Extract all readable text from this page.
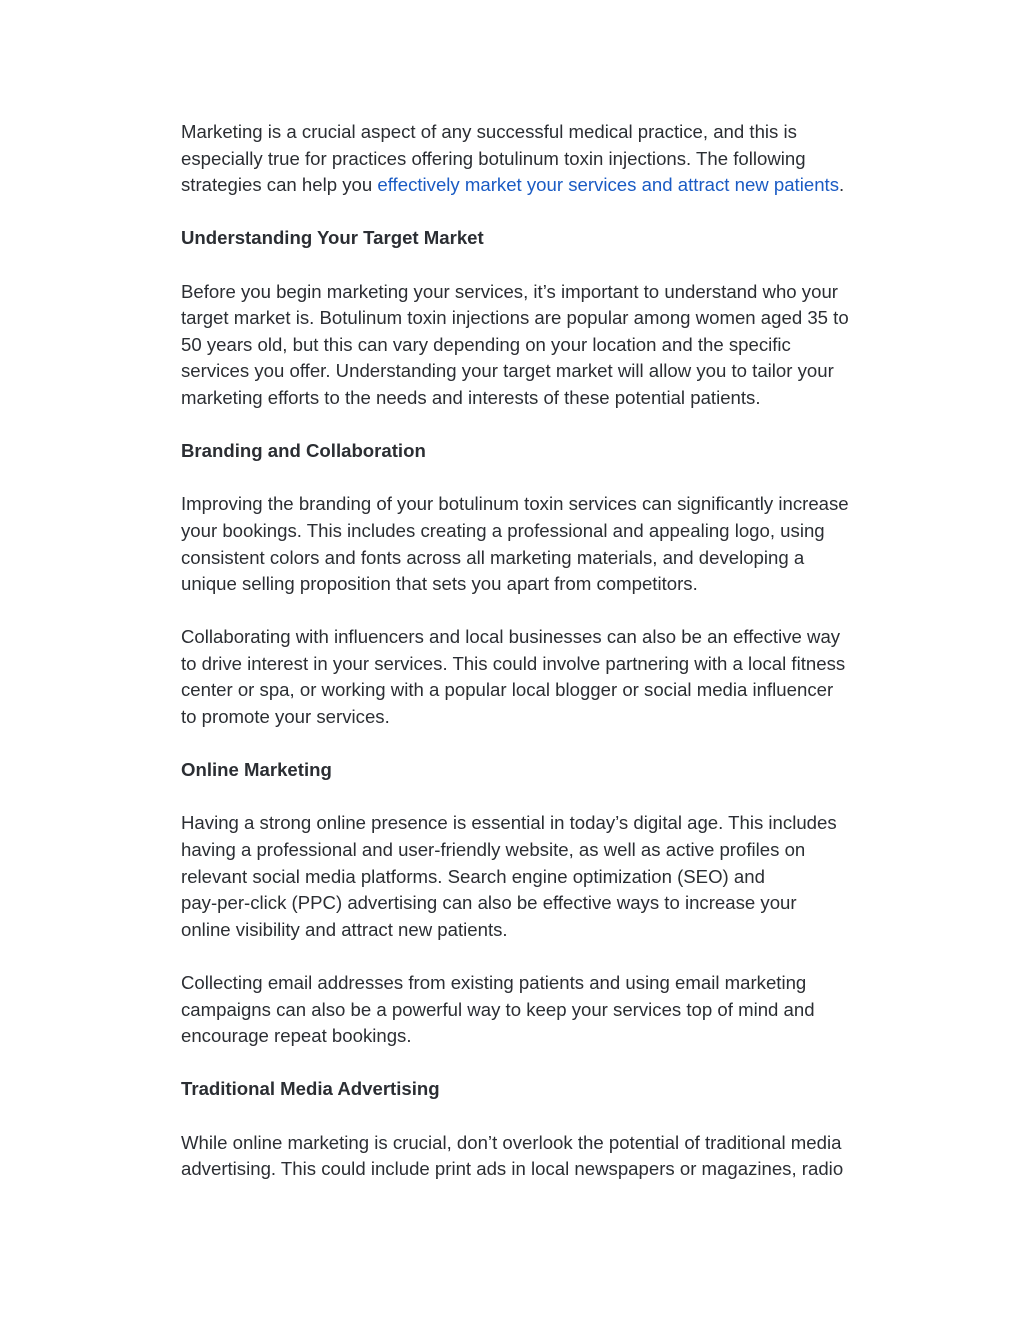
Marketing is a crucial aspect of any successful medical practice, and this is
especially true for practices offering botulinum toxin injections. The following
strategies can help you effectively market your services and attract new patients.

Understanding Your Target Market

Before you begin marketing your services, it’s important to understand who your
target market is. Botulinum toxin injections are popular among women aged 35 to
50 years old, but this can vary depending on your location and the specific
services you offer. Understanding your target market will allow you to tailor your
marketing efforts to the needs and interests of these potential patients.

Branding and Collaboration

Improving the branding of your botulinum toxin services can significantly increase
your bookings. This includes creating a professional and appealing logo, using
consistent colors and fonts across all marketing materials, and developing a
unique selling proposition that sets you apart from competitors.

Collaborating with influencers and local businesses can also be an effective way
to drive interest in your services. This could involve partnering with a local fitness
center or spa, or working with a popular local blogger or social media influencer
to promote your services.

Online Marketing

Having a strong online presence is essential in today’s digital age. This includes
having a professional and user-friendly website, as well as active profiles on
relevant social media platforms. Search engine optimization (SEO) and
pay-per-click (PPC) advertising can also be effective ways to increase your
online visibility and attract new patients.

Collecting email addresses from existing patients and using email marketing
campaigns can also be a powerful way to keep your services top of mind and
encourage repeat bookings.

Traditional Media Advertising

While online marketing is crucial, don’t overlook the potential of traditional media
advertising. This could include print ads in local newspapers or magazines, radio
